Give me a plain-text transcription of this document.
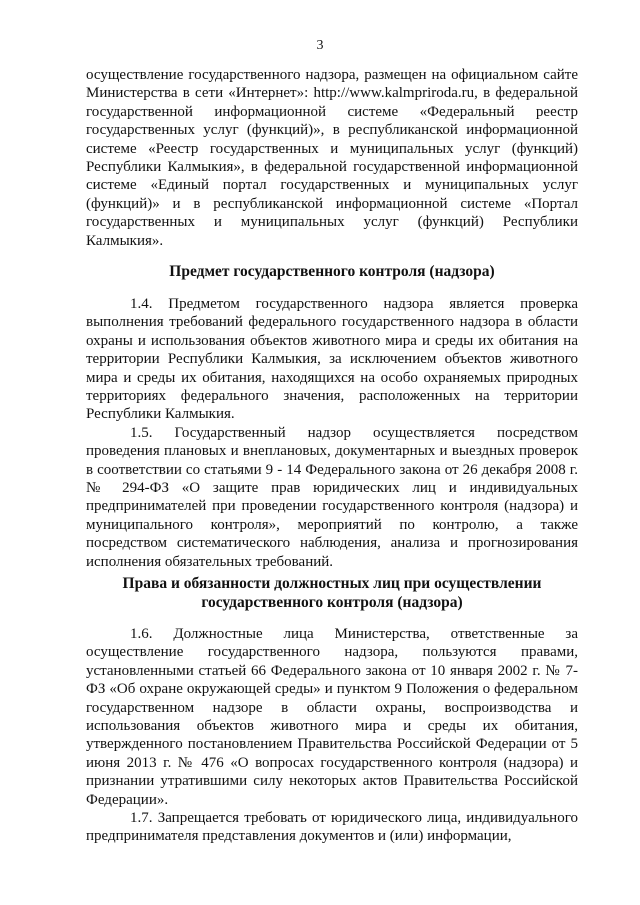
3

осуществление государственного надзора, размещен на официальном сайте Министерства в сети «Интернет»: http://www.kalmpriroda.ru, в федеральной государственной информационной системе «Федеральный реестр государственных услуг (функций)», в республиканской информационной системе «Реестр государственных и муниципальных услуг (функций) Республики Калмыкия», в федеральной государственной информационной системе «Единый портал государственных и муниципальных услуг (функций)» и в республиканской информационной системе «Портал государственных и муниципальных услуг (функций) Республики Калмыкия».

Предмет государственного контроля (надзора)

1.4. Предметом государственного надзора является проверка выполнения требований федерального государственного надзора в области охраны и использования объектов животного мира и среды их обитания на территории Республики Калмыкия, за исключением объектов животного мира и среды их обитания, находящихся на особо охраняемых природных территориях федерального значения, расположенных на территории Республики Калмыкия.

1.5. Государственный надзор осуществляется посредством проведения плановых и внеплановых, документарных и выездных проверок в соответствии со статьями 9 - 14 Федерального закона от 26 декабря 2008 г. № 294-ФЗ «О защите прав юридических лиц и индивидуальных предпринимателей при проведении государственного контроля (надзора) и муниципального контроля», мероприятий по контролю, а также посредством систематического наблюдения, анализа и прогнозирования исполнения обязательных требований.

Права и обязанности должностных лиц при осуществлении
государственного контроля (надзора)

1.6. Должностные лица Министерства, ответственные за осуществление государственного надзора, пользуются правами, установленными статьей 66 Федерального закона от 10 января 2002 г. № 7-ФЗ «Об охране окружающей среды» и пунктом 9 Положения о федеральном государственном надзоре в области охраны, воспроизводства и использования объектов животного мира и среды их обитания, утвержденного постановлением Правительства Российской Федерации от 5 июня 2013 г. № 476 «О вопросах государственного контроля (надзора) и признании утратившими силу некоторых актов Правительства Российской Федерации».

1.7. Запрещается требовать от юридического лица, индивидуального предпринимателя представления документов и (или) информации,
